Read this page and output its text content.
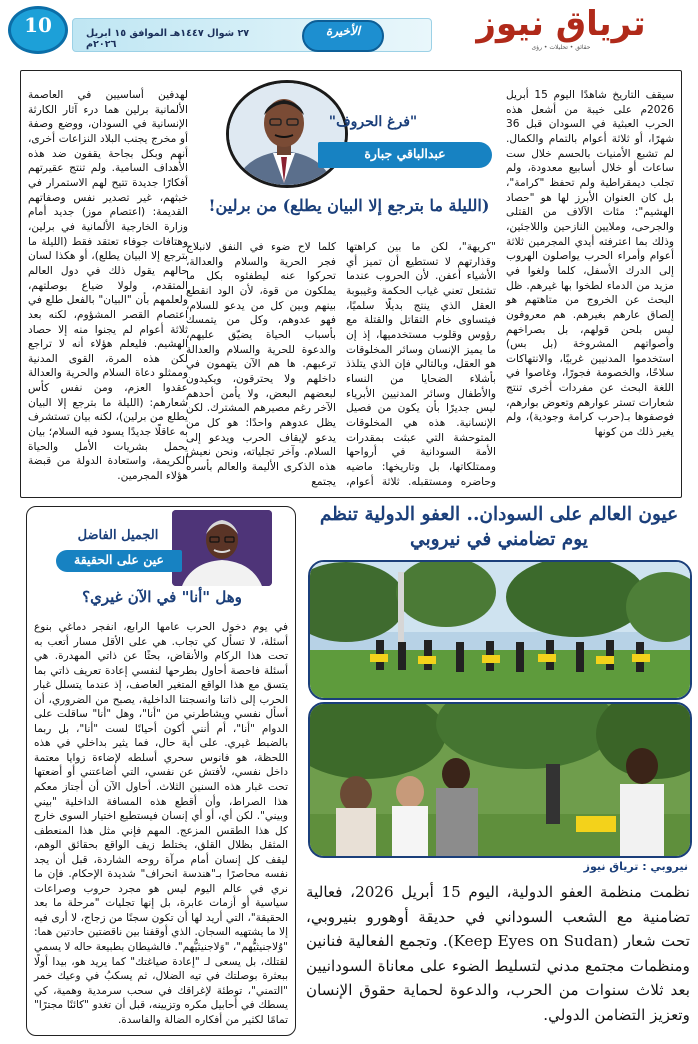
ترياق نيوز
حقائق • تحليلات • رؤى
٢٧ شوال ١٤٤٧هـ الموافق ١٥ ابريل ٢٠٢٦م
الأخيرة
10
سيقف التاريخ شاهدًا اليوم 15 أبريل 2026م على خيبة من أشعل هذه الحرب العبثية في السودان قبل 36 شهرًا، أو ثلاثة أعوام بالتمام والكمال. لم تشبع الأمنيات بالحسم خلال ست ساعات أو خلال أسابيع معدودة، ولم تجلب ديمقراطية ولم تحفظ "كرامة"، بل كان العنوان الأبرز لها هو "حصاد الهشيم": مئات الآلاف من القتلى والجرحى، وملايين النازحين واللاجئين، وذلك بما اعترفته أيدي المجرمين ثلاثة أعوام وأمراء الحرب يواصلون الهروب إلى الدرك الأسفل، كلما ولغوا في مزيد من الدماء لطخوا بها غيرهم. ظل البحث عن الخروج من متاهتهم هو إلصاق عارهم بغيرهم. هم معروفون ليس بلحن قولهم، بل بصراخهم وأصواتهم المشروخة (بل بس) استخدموا المدنيين غربيًا، والانتهاكات سلاحًا، والخصومة فجورًا، وغاصوا في اللغة البحث عن مفردات أخرى تنتج شعارات تستر عوارهم وتعوض بوارهم، فوصفوها بـ(حرب كرامة وجودية)، ولم يغير ذلك من كونها
لهدفين أساسيين في العاصمة الألمانية برلين هما درء آثار الكارثة الإنسانية في السودان، ووضع وصفة أو مخرج يجنب البلاد النزاعات أخرى، أنهم وبكل بجاحة يقفون ضد هذه الأهداف السامية. ولم تنتج عقيرتهم أفكارًا جديدة تتيح لهم الاستمرار في خبثهم، غير تصدير نفس وصفاتهم القديمة: (اعتصام موز) جديد أمام وزارة الخارجية الألمانية في برلين، وهتافات جوفاء تعتقد فقط (الليلة ما بترجع إلا البيان يطلع)، أو هكذا لسان حالهم يقول ذلك في دول العالم المتقدم، ولولا ضياع بوصلتهم، ولعلمهم بأن "البيان" بالفعل طلع في اعتصام القصر المشؤوم، لكنه بعد ثلاثة أعوام لم يجنوا منه إلا حصاد الهشيم. فليعلم هؤلاء أنه لا تراجع لكن هذه المرة، القوى المدنية وممثلو دعاة السلام والحرية والعدالة عقدوا العزم، ومن نفس كأس شعارهم: (الليلة ما بترجع إلا البيان يطلع من برلين)، لكنه بيان تستشرف به عاقلًا جديدًا يسود فيه السلام؛ بيان يحمل بشريات الأمل والحياة الكريمة، واستعادة الدولة من قبضة هؤلاء المجرمين.
"كريهة"، لكن ما بين كراهتها وقذارتهم لا تستطيع أن تميز أي الأشياء أعفن. لأن الحروب عندما تشتعل تعني غياب الحكمة وغيبوبة العقل الذي ينتج بديلًا سلميًا، فيتساوى خام التقاتل والقتلة مع رؤوس وقلوب مستخدميها، إذ إن ما يميز الإنسان وسائر المخلوقات هو العقل، وبالتالي فإن الذي يتلذذ بأشلاء الضحايا من النساء والأطفال وسائر المدنيين الأبرياء ليس جديرًا بأن يكون من فصيل الإنسانية. هذه هي المخلوقات المتوحشة التي عبثت بمقدرات الأمة السودانية في أرواحها وممتلكاتها، بل وتاريخها: ماضيه وحاضره ومستقبله. ثلاثة أعوام، كلما لاح ضوء في النفق لانبلاج فجر الحرية والسلام والعدالة، تحركوا عنه ليطفئوه بكل ما يملكون من قوة، لأن الود انقطع بينهم وبين كل من يدعو للسلام، فهو عدوهم، وكل من يتمسك بأسباب الحياة يضيّق عليهم، والدعوة للحرية والسلام والعدالة ترعبهم. ها هم الآن يتهمون في داخلهم ولا يحترقون، ويكيدون لبعضهم البعض، ولا يأمن أحدهم الآخر رغم مصيرهم المشترك. لكن يظل عدوهم واحدًا: هو كل من يدعو لإيقاف الحرب ويدعو إلى السلام. وآخر تجلياته، ونحن نعيش هذه الذكرى الأليمة والعالم بأسره يجتمع
"فرغ الحروف"
عبدالباقي جبارة
(الليلة ما بترجع إلا البيان يطلع) من برلين!
الجميل الفاضل
عين على الحقيقة
وهل "أنا" في الآن غيري؟
في يوم دخول الحرب عامها الرابع، انفجر دماغي بنوع أسئلة، لا تسأل كي تجاب. هي على الأقل مسار أتعب به تحت هذا الركام والأنقاض، بحثًا عن ذاتي المهدرة. هي أسئلة فاحصة أحاول بطرحها لنفسي إعادة تعريف ذاتي بما يتسق مع هذا الواقع المتغير العاصف، إذ عندما يتسلل غبار الحرب إلى ذاتنا وانسجتنا الداخلية، يصبح من الضروري، أن أسأل نفسي ويشاطرني من "أنا"، وهل "أنا" ساقلت على الدوام "أنا"، أم أنني أكون أحيانًا لست "أنا"، بل ربما بالضبط غيري. على أية حال، فما يثير بداخلي في هذه اللحظة، هو فانوس سحري أسلطه لإضاءة زوايا معتمة داخل نفسي، لأفتش عن نفسي، التي أضاعتني أو أضعتها تحت غبار هذه السنين الثلاث. أحاول الآن أن أجتاز معكم هذا الصراط، وأن أقطع هذه المسافة الداخلية "بيني وبيني". لكن أي، أو أي إنسان فيستطيع اختيار السوى خارج كل هذا الطقس المزعج. المهم فإني مثل هذا المنعطف المثقل بظلال القلق، يختلط زيف الواقع بحقائق الوهم، ليقف كل إنسان أمام مرآة روحه الشاردة، قبل أن يجد نفسه محاصرًا بـ"هندسة انحراف" شديدة الإحكام. فإن ما نري في عالم اليوم ليس هو مجرد حروب وصراعات سياسية أو أزمات عابرة، بل إنها تجليات "مرحلة ما بعد الحقيقة"، التي أريد لها أن تكون سجنًا من زجاج، لا أرى فيه إلا ما يشتهيه السجان. الذي أوقفنا بين ناقضتين حادتين هما: "وُلاجنيثيُّهم"، "وَلاجنيثيُّهم". فالشيطان بطبيعة حاله لا يسمي لقتلك، بل يسعى لـ "إعادة صياغتك" كما يريد هو، بيدا أولًا ببعثرة بوصلتك في تيه الضلال، ثم يسكبُ في وعيك خمر "التمني"، توطئة لإغراقك في سحب سرمدية وهمية، كي يسطك في أحابيل مكره وتزيينه، قبل أن تغدو "كائنًا مجترًا" تمامًا لكثير من أفكاره الضالة والفاسدة.
عيون العالم على السودان.. العفو الدولية تنظم يوم تضامني في نيروبي
نيروبي : ترياق نيوز
نظمت منظمة العفو الدولية، اليوم 15 أبريل 2026، فعالية تضامنية مع الشعب السوداني في حديقة أوهورو بنيروبي، تحت شعار (Keep Eyes on Sudan). وتجمع الفعالية فنانين ومنظمات مجتمع مدني لتسليط الضوء على معاناة السودانيين بعد ثلاث سنوات من الحرب، والدعوة لحماية حقوق الإنسان وتعزيز التضامن الدولي.
